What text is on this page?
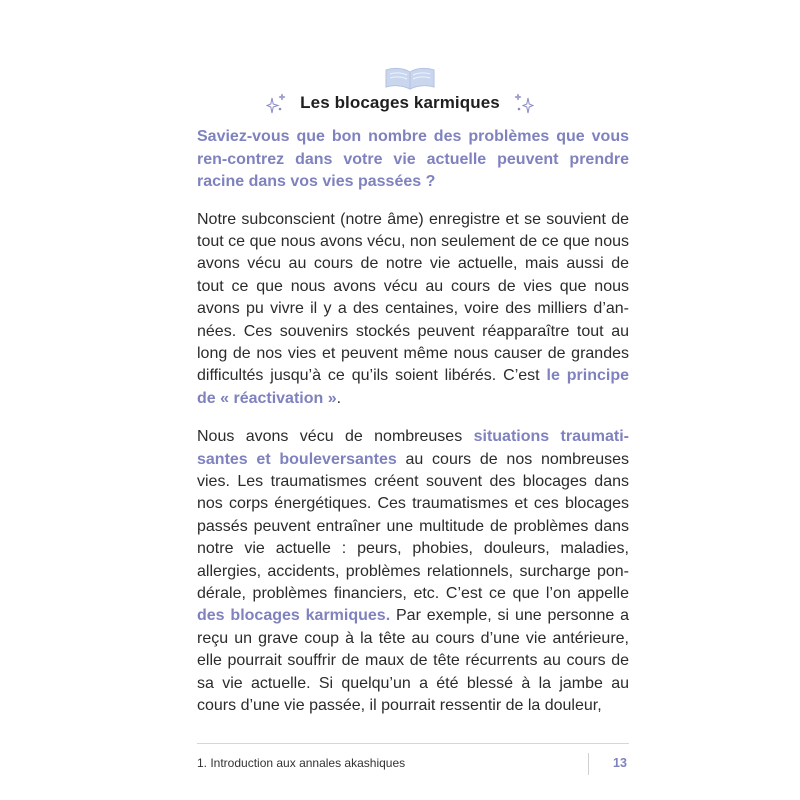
Les blocages karmiques

Saviez-vous que bon nombre des problèmes que vous ren-contrez dans votre vie actuelle peuvent prendre racine dans vos vies passées ?

Notre subconscient (notre âme) enregistre et se souvient de tout ce que nous avons vécu, non seulement de ce que nous avons vécu au cours de notre vie actuelle, mais aussi de tout ce que nous avons vécu au cours de vies que nous avons pu vivre il y a des centaines, voire des milliers d’an-nées. Ces souvenirs stockés peuvent réapparaître tout au long de nos vies et peuvent même nous causer de grandes difficultés jusqu’à ce qu’ils soient libérés. C’est le principe de « réactivation ».

Nous avons vécu de nombreuses situations traumati-santes et bouleversantes au cours de nos nombreuses vies. Les traumatismes créent souvent des blocages dans nos corps énergétiques. Ces traumatismes et ces blocages passés peuvent entraîner une multitude de problèmes dans notre vie actuelle : peurs, phobies, douleurs, maladies, allergies, accidents, problèmes relationnels, surcharge pon-dérale, problèmes financiers, etc. C’est ce que l’on appelle des blocages karmiques. Par exemple, si une personne a reçu un grave coup à la tête au cours d’une vie antérieure, elle pourrait souffrir de maux de tête récurrents au cours de sa vie actuelle. Si quelqu’un a été blessé à la jambe au cours d’une vie passée, il pourrait ressentir de la douleur,

1. Introduction aux annales akashiques	13
